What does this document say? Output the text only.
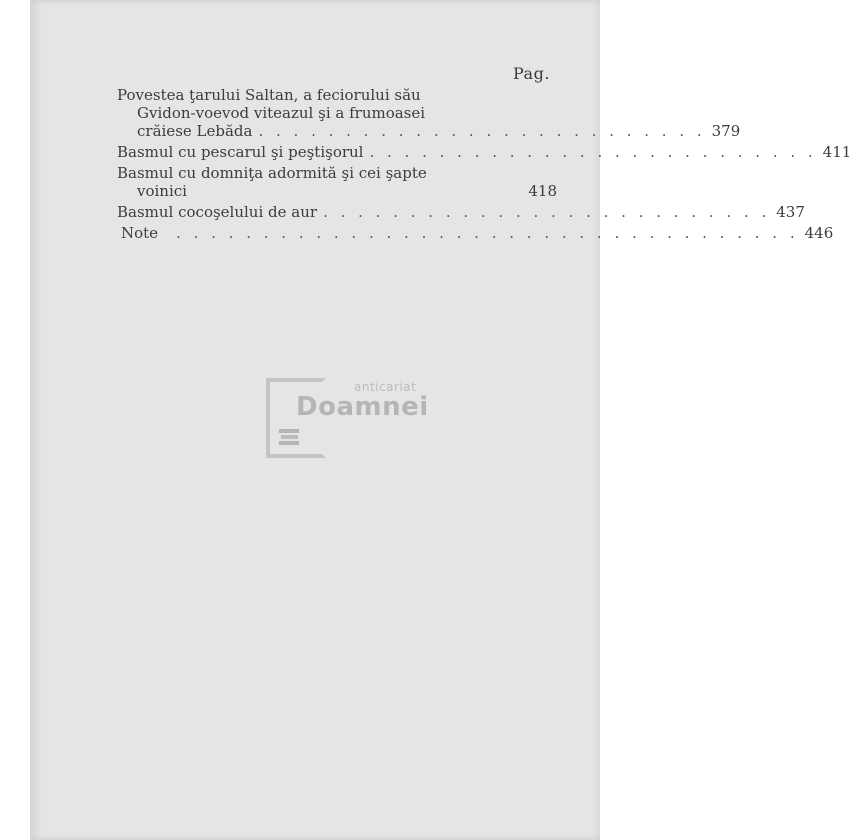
Pag.
Povestea ţarului Saltan, a feciorului său
Gvidon-voevod viteazul şi a frumoasei
crăiese Lebăda . . . . . . . . . . . . . . . . . . . . . . . . . . 379
Basmul cu pescarul şi peştişorul . . . . . . . . . . . . . . . . . . . . . . . . . . 411
Basmul cu domniţa adormită şi cei şapte
voinici	418
Basmul cocoşelului de aur . . . . . . . . . . . . . . . . . . . . . . . . . . 437
Note . . . . . . . . . . . . . . . . . . . . . . . . . . . . . . . . . . . . 446
anticariat
Doamnei
